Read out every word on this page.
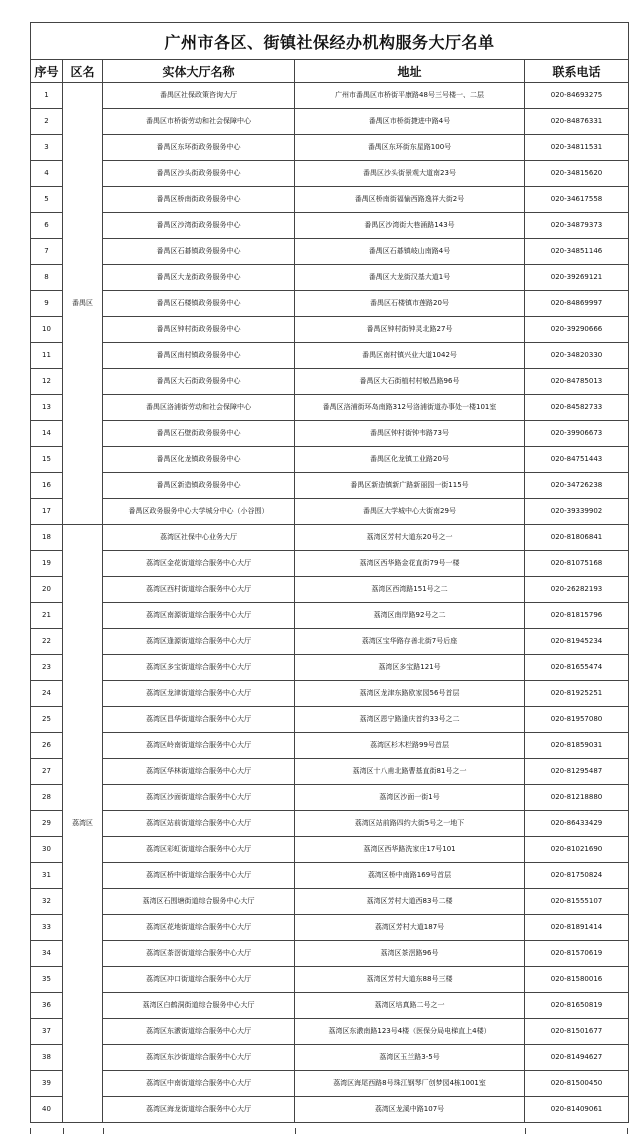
广州市各区、街镇社保经办机构服务大厅名单				
序号	区名	实体大厅名称	地址	联系电话
1	番禺区	番禺区社保政策咨询大厅	广州市番禺区市桥街平康路48号三号楼一、二层	020-84693275
2		番禺区市桥街劳动和社会保障中心	番禺区市桥街捷进中路4号	020-84876331
3		番禺区东环街政务服务中心	番禺区东环街东星路100号	020-34811531
4		番禺区沙头街政务服务中心	番禺区沙头街景观大道南23号	020-34815620
5		番禺区桥南街政务服务中心	番禺区桥南街福愉西路逸祥大街2号	020-34617558
6		番禺区沙湾街政务服务中心	番禺区沙湾街大巷涌路143号	020-34879373
7		番禺区石碁镇政务服务中心	番禺区石碁镇岐山南路4号	020-34851146
8		番禺区大龙街政务服务中心	番禺区大龙街汉基大道1号	020-39269121
9		番禺区石楼镇政务服务中心	番禺区石楼镇市莲路20号	020-84869997
10		番禺区钟村街政务服务中心	番禺区钟村街钟灵北路27号	020-39290666
11		番禺区南村镇政务服务中心	番禺区南村镇兴业大道1042号	020-34820330
12		番禺区大石街政务服务中心	番禺区大石街植村村敏昌路96号	020-84785013
13		番禺区洛浦街劳动和社会保障中心	番禺区洛浦街环岛南路312号洛浦街道办事处一楼101室	020-84582733
14		番禺区石壁街政务服务中心	番禺区钟村街钟韦路73号	020-39906673
15		番禺区化龙镇政务服务中心	番禺区化龙镇工业路20号	020-84751443
16		番禺区新造镇政务服务中心	番禺区新造镇新广路新丽园一街115号	020-34726238
17		番禺区政务服务中心大学城分中心（小谷围）	番禺区大学城中心大街南29号	020-39339902
18	荔湾区	荔湾区社保中心业务大厅	荔湾区芳村大道东20号之一	020-81806841
19		荔湾区金花街道综合服务中心大厅	荔湾区西华路金花直街79号一楼	020-81075168
20		荔湾区西村街道综合服务中心大厅	荔湾区西湾路151号之二	020-26282193
21		荔湾区南源街道综合服务中心大厅	荔湾区南岸路92号之二	020-81815796
22		荔湾区逢源街道综合服务中心大厅	荔湾区宝华路存善北街7号后座	020-81945234
23		荔湾区多宝街道综合服务中心大厅	荔湾区多宝路121号	020-81655474
24		荔湾区龙津街道综合服务中心大厅	荔湾区龙津东路欧家园56号首层	020-81925251
25		荔湾区昌华街道综合服务中心大厅	荔湾区恩宁路逢庆首约33号之二	020-81957080
26		荔湾区岭南街道综合服务中心大厅	荔湾区杉木栏路99号首层	020-81859031
27		荔湾区华林街道综合服务中心大厅	荔湾区十八甫北路曹基直街81号之一	020-81295487
28		荔湾区沙面街道综合服务中心大厅	荔湾区沙面一街1号	020-81218880
29		荔湾区站前街道综合服务中心大厅	荔湾区站前路四约大街5号之一地下	020-86433429
30		荔湾区彩虹街道综合服务中心大厅	荔湾区西华路洗家庄17号101	020-81021690
31		荔湾区桥中街道综合服务中心大厅	荔湾区桥中南路169号首层	020-81750824
32		荔湾区石围塘街道综合服务中心大厅	荔湾区芳村大道西83号二楼	020-81555107
33		荔湾区花地街道综合服务中心大厅	荔湾区芳村大道187号	020-81891414
34		荔湾区茶滘街道综合服务中心大厅	荔湾区茶滘路96号	020-81570619
35		荔湾区冲口街道综合服务中心大厅	荔湾区芳村大道东88号三楼	020-81580016
36		荔湾区白鹤洞街道综合服务中心大厅	荔湾区培真路二号之一	020-81650819
37		荔湾区东漖街道综合服务中心大厅	荔湾区东漖南路123号4楼（医保分局电梯直上4楼）	020-81501677
38		荔湾区东沙街道综合服务中心大厅	荔湾区玉兰路3-5号	020-81494627
39		荔湾区中南街道综合服务中心大厅	荔湾区海尾西路8号珠江钢琴厂创梦园4栋1001室	020-81500450
40		荔湾区海龙街道综合服务中心大厅	荔湾区龙溪中路107号	020-81409061
